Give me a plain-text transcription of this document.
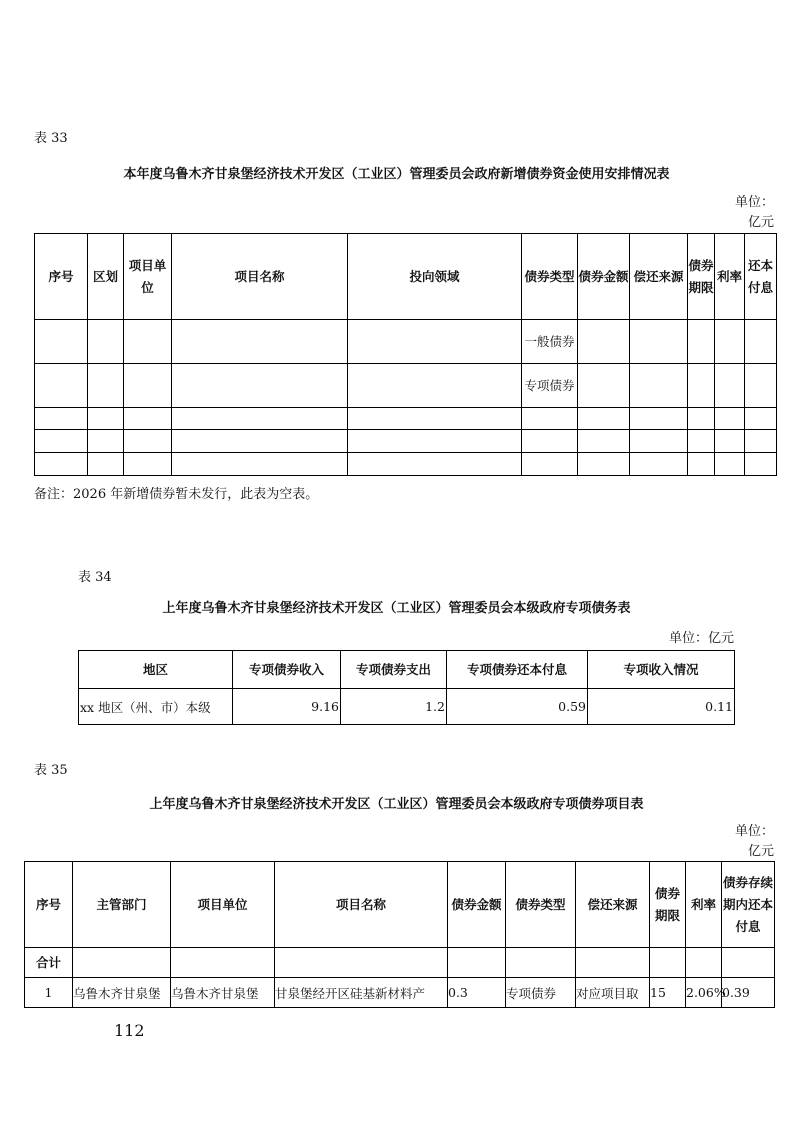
表 33
本年度乌鲁木齐甘泉堡经济技术开发区（工业区）管理委员会政府新增债券资金使用安排情况表
单位：
亿元
序号	区划	项目单位	项目名称	投向领域	债券类型	债券金额	偿还来源	债券期限	利率	还本付息
					一般债券					
					专项债券					

备注：2026 年新增债券暂未发行，此表为空表。
表 34
上年度乌鲁木齐甘泉堡经济技术开发区（工业区）管理委员会本级政府专项债务表
单位：亿元
地区	专项债券收入	专项债券支出	专项债券还本付息	专项收入情况
xx 地区（州、市）本级	9.16	1.2	0.59	0.11
表 35
上年度乌鲁木齐甘泉堡经济技术开发区（工业区）管理委员会本级政府专项债券项目表
单位：
亿元
序号	主管部门	项目单位	项目名称	债券金额	债券类型	偿还来源	债券期限	利率	债券存续期内还本付息
合计									
1	乌鲁木齐甘泉堡	乌鲁木齐甘泉堡	甘泉堡经开区硅基新材料产	0.3	专项债券	对应项目取	15	2.06%	0.39
112
